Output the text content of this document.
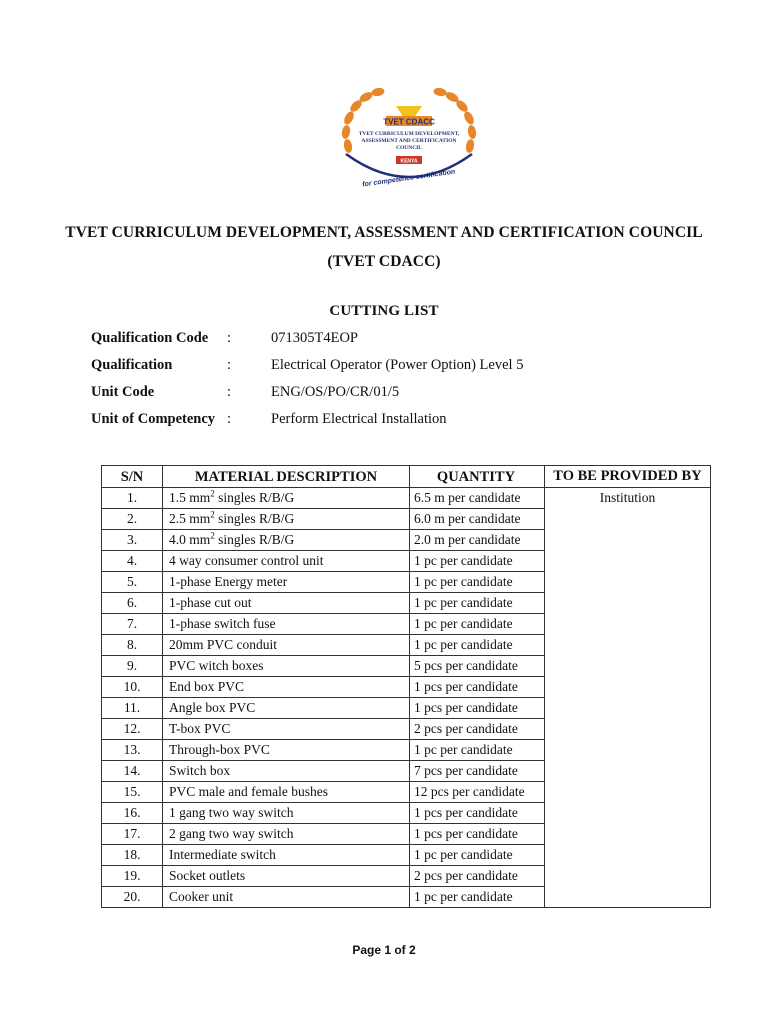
TVET CDACC
TVET CURRICULUM DEVELOPMENT,
ASSESSMENT AND CERTIFICATION
COUNCIL
KENYA
for competence certification
TVET CURRICULUM DEVELOPMENT, ASSESSMENT AND CERTIFICATION COUNCIL
(TVET CDACC)
CUTTING LIST
Qualification Code :	071305T4EOP
Qualification	:	Electrical Operator (Power Option) Level 5
Unit Code	:	ENG/OS/PO/CR/01/5
Unit of Competency :	Perform Electrical Installation
S/N	MATERIAL DESCRIPTION	QUANTITY	TO BE PROVIDED BY
1.	1.5 $mm^2$ singles R/B/G	6.5 m per candidate	Institution
2.	2.5 $mm^2$ singles R/B/G	6.0 m per candidate	
3.	4.0 $mm^2$ singles R/B/G	2.0 m per candidate	
4.	4 way consumer control unit	1 pc per candidate	
5.	1-phase Energy meter	1 pc per candidate	
6.	1-phase cut out	1 pc per candidate	
7.	1-phase switch fuse	1 pc per candidate	
8.	20mm PVC conduit	1 pc per candidate	
9.	PVC witch boxes	5 pcs per candidate	
10.	End box PVC	1 pcs per candidate	
11.	Angle box PVC	1 pcs per candidate	
12.	T-box PVC	2 pcs per candidate	
13.	Through-box PVC	1 pc per candidate	
14.	Switch box	7 pcs per candidate	
15.	PVC male and female bushes	12 pcs per candidate	
16.	1 gang two way switch	1 pcs per candidate	
17.	2 gang two way switch	1 pcs per candidate	
18.	Intermediate switch	1 pc per candidate	
19.	Socket outlets	2 pcs per candidate	
20.	Cooker unit	1 pc per candidate	
Page 1 of 2
